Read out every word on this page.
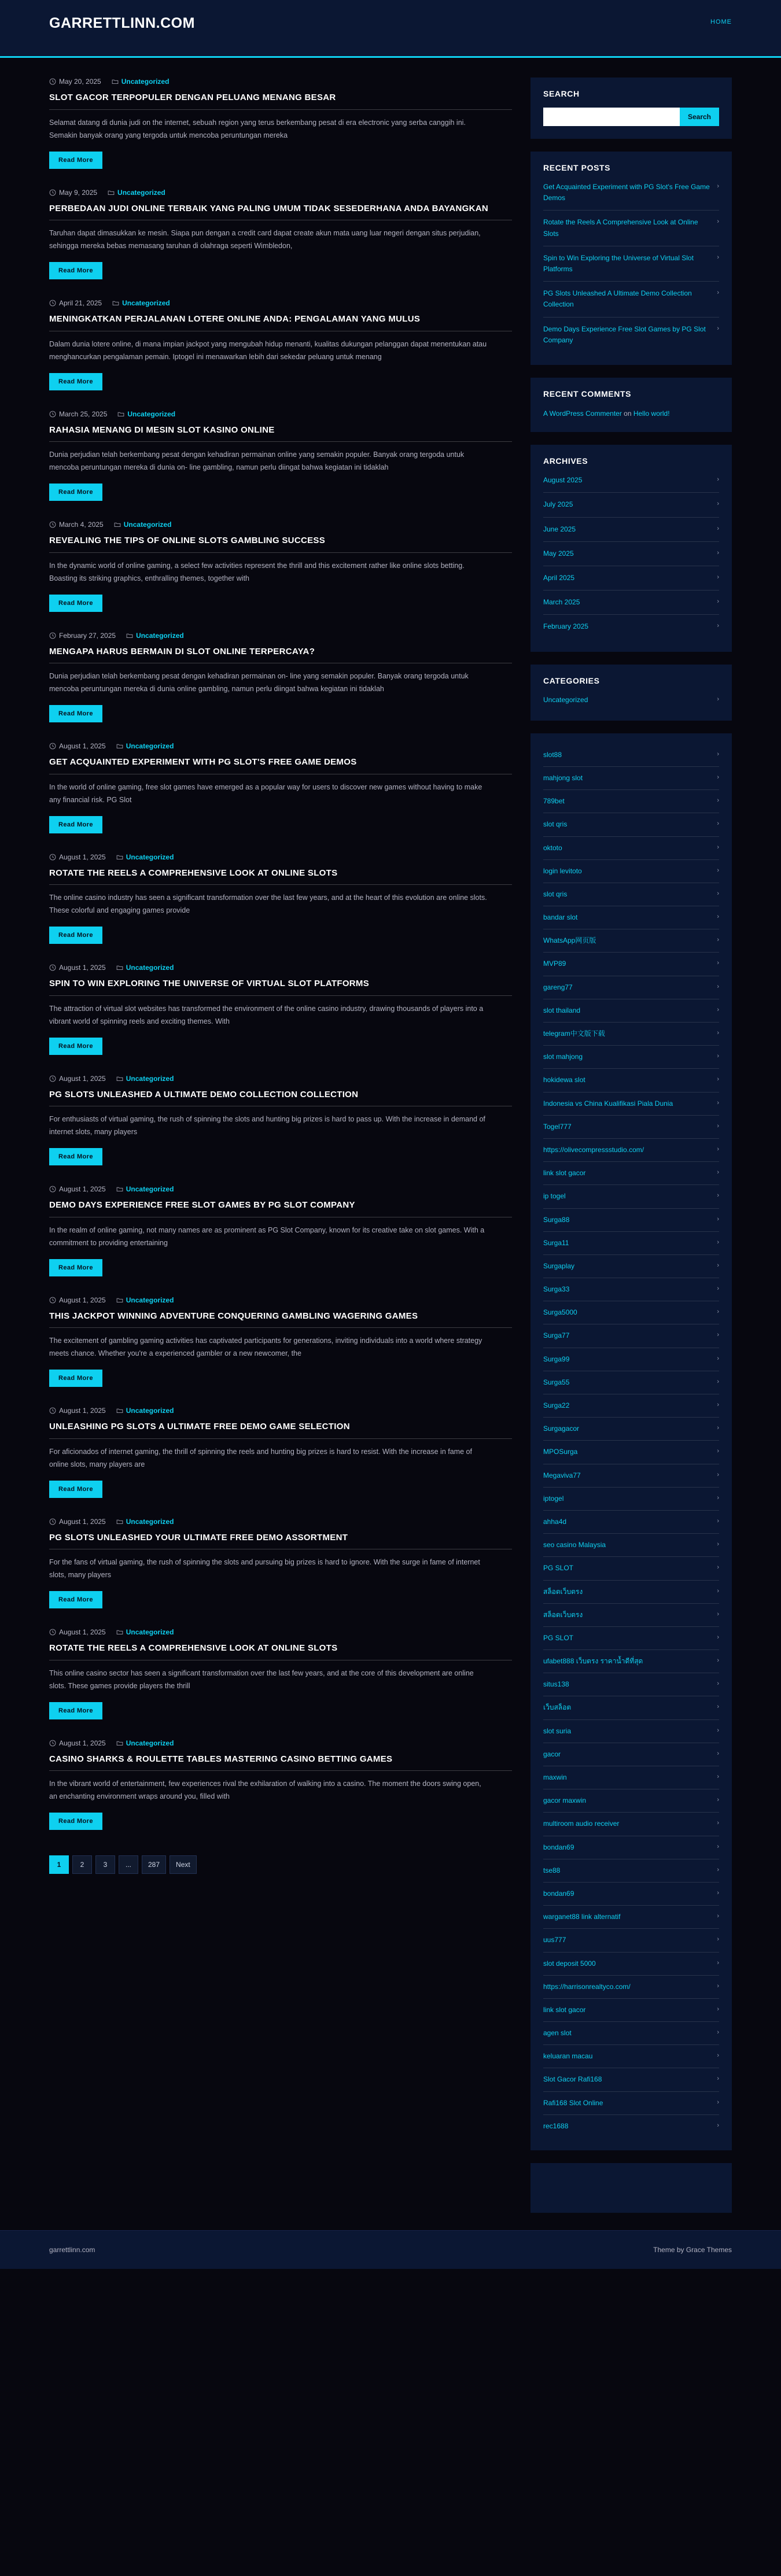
GARRETTLINN.COM	HOME
May 20, 2025	Uncategorized
SLOT GACOR TERPOPULER DENGAN PELUANG MENANG BESAR

Selamat datang di dunia judi on the internet, sebuah region yang terus berkembang pesat di era electronic yang serba canggih ini. Semakin banyak orang yang tergoda untuk mencoba peruntungan mereka

Read More
May 9, 2025	Uncategorized
PERBEDAAN JUDI ONLINE TERBAIK YANG PALING UMUM TIDAK SESEDERHANA ANDA BAYANGKAN

Taruhan dapat dimasukkan ke mesin. Siapa pun dengan a credit card dapat create akun mata uang luar negeri dengan situs perjudian, sehingga mereka bebas memasang taruhan di olahraga seperti Wimbledon,

Read More
April 21, 2025	Uncategorized
MENINGKATKAN PERJALANAN LOTERE ONLINE ANDA: PENGALAMAN YANG MULUS

Dalam dunia lotere online, di mana impian jackpot yang mengubah hidup menanti, kualitas dukungan pelanggan dapat menentukan atau menghancurkan pengalaman pemain. Iptogel ini menawarkan lebih dari sekedar peluang untuk menang

Read More
March 25, 2025	Uncategorized
RAHASIA MENANG DI MESIN SLOT KASINO ONLINE

Dunia perjudian telah berkembang pesat dengan kehadiran permainan online yang semakin populer. Banyak orang tergoda untuk mencoba peruntungan mereka di dunia on- line gambling, namun perlu diingat bahwa kegiatan ini tidaklah

Read More
March 4, 2025	Uncategorized
REVEALING THE TIPS OF ONLINE SLOTS GAMBLING SUCCESS

In the dynamic world of online gaming, a select few activities represent the thrill and this excitement rather like online slots betting. Boasting its striking graphics, enthralling themes, together with

Read More
February 27, 2025	Uncategorized
MENGAPA HARUS BERMAIN DI SLOT ONLINE TERPERCAYA?

Dunia perjudian telah berkembang pesat dengan kehadiran permainan on- line yang semakin populer. Banyak orang tergoda untuk mencoba peruntungan mereka di dunia online gambling, namun perlu diingat bahwa kegiatan ini tidaklah

Read More
August 1, 2025	Uncategorized
GET ACQUAINTED EXPERIMENT WITH PG SLOT'S FREE GAME DEMOS

In the world of online gaming, free slot games have emerged as a popular way for users to discover new games without having to make any financial risk. PG Slot

Read More
August 1, 2025	Uncategorized
ROTATE THE REELS A COMPREHENSIVE LOOK AT ONLINE SLOTS

The online casino industry has seen a significant transformation over the last few years, and at the heart of this evolution are online slots. These colorful and engaging games provide

Read More
August 1, 2025	Uncategorized
SPIN TO WIN EXPLORING THE UNIVERSE OF VIRTUAL SLOT PLATFORMS

The attraction of virtual slot websites has transformed the environment of the online casino industry, drawing thousands of players into a vibrant world of spinning reels and exciting themes. With

Read More
August 1, 2025	Uncategorized
PG SLOTS UNLEASHED A ULTIMATE DEMO COLLECTION COLLECTION

For enthusiasts of virtual gaming, the rush of spinning the slots and hunting big prizes is hard to pass up. With the increase in demand of internet slots, many players

Read More
August 1, 2025	Uncategorized
DEMO DAYS EXPERIENCE FREE SLOT GAMES BY PG SLOT COMPANY

In the realm of online gaming, not many names are as prominent as PG Slot Company, known for its creative take on slot games. With a commitment to providing entertaining

Read More
August 1, 2025	Uncategorized
THIS JACKPOT WINNING ADVENTURE CONQUERING GAMBLING WAGERING GAMES

The excitement of gambling gaming activities has captivated participants for generations, inviting individuals into a world where strategy meets chance. Whether you're a experienced gambler or a new newcomer, the

Read More
August 1, 2025	Uncategorized
UNLEASHING PG SLOTS A ULTIMATE FREE DEMO GAME SELECTION

For aficionados of internet gaming, the thrill of spinning the reels and hunting big prizes is hard to resist. With the increase in fame of online slots, many players are

Read More
August 1, 2025	Uncategorized
PG SLOTS UNLEASHED YOUR ULTIMATE FREE DEMO ASSORTMENT

For the fans of virtual gaming, the rush of spinning the slots and pursuing big prizes is hard to ignore. With the surge in fame of internet slots, many players

Read More
August 1, 2025	Uncategorized
ROTATE THE REELS A COMPREHENSIVE LOOK AT ONLINE SLOTS

This online casino sector has seen a significant transformation over the last few years, and at the core of this development are online slots. These games provide players the thrill

Read More
August 1, 2025	Uncategorized
CASINO SHARKS & ROULETTE TABLES MASTERING CASINO BETTING GAMES

In the vibrant world of entertainment, few experiences rival the exhilaration of walking into a casino. The moment the doors swing open, an enchanting environment wraps around you, filled with

Read More
1	2	3	...	287	Next
SEARCH
Search
RECENT POSTS
Get Acquainted Experiment with PG Slot's Free Game Demos
›
Rotate the Reels A Comprehensive Look at Online Slots
›
Spin to Win Exploring the Universe of Virtual Slot Platforms
›
PG Slots Unleashed A Ultimate Demo Collection Collection
›
Demo Days Experience Free Slot Games by PG Slot Company
›
RECENT COMMENTS
A WordPress Commenter on Hello world!
ARCHIVES
August 2025	›
July 2025	›
June 2025	›
May 2025	›
April 2025	›
March 2025	›
February 2025	›
CATEGORIES
Uncategorized	›
slot88	›
mahjong slot	›
789bet	›
slot qris	›
oktoto	›
login levitoto	›
slot qris	›
bandar slot	›
WhatsApp网页版	›
MVP89	›
gareng77	›
slot thailand	›
telegram中文版下载	›
slot mahjong	›
hokidewa slot	›
Indonesia vs China Kualifikasi Piala Dunia	›
Togel777	›
https://olivecompressstudio.com/	›
link slot gacor	›
ip togel	›
Surga88	›
Surga11	›
Surgaplay	›
Surga33	›
Surga5000	›
Surga77	›
Surga99	›
Surga55	›
Surga22	›
Surgagacor	›
MPOSurga	›
Megaviva77	›
iptogel	›
ahha4d	›
seo casino Malaysia	›
PG SLOT	›
สล็อตเว็บตรง	›
สล็อตเว็บตรง	›
PG SLOT	›
ufabet888 เว็บตรง ราคาน้ำดีที่สุด	›
situs138	›
เว็บสล็อต	›
slot suria	›
gacor	›
maxwin	›
gacor maxwin	›
multiroom audio receiver	›
bondan69	›
tse88	›
bondan69	›
warganet88 link alternatif	›
uus777	›
slot deposit 5000	›
https://harrisonrealtyco.com/	›
link slot gacor	›
agen slot	›
keluaran macau	›
Slot Gacor Rafi168	›
Rafi168 Slot Online	›
rec1688	›
garrettlinn.com	Theme by Grace Themes
